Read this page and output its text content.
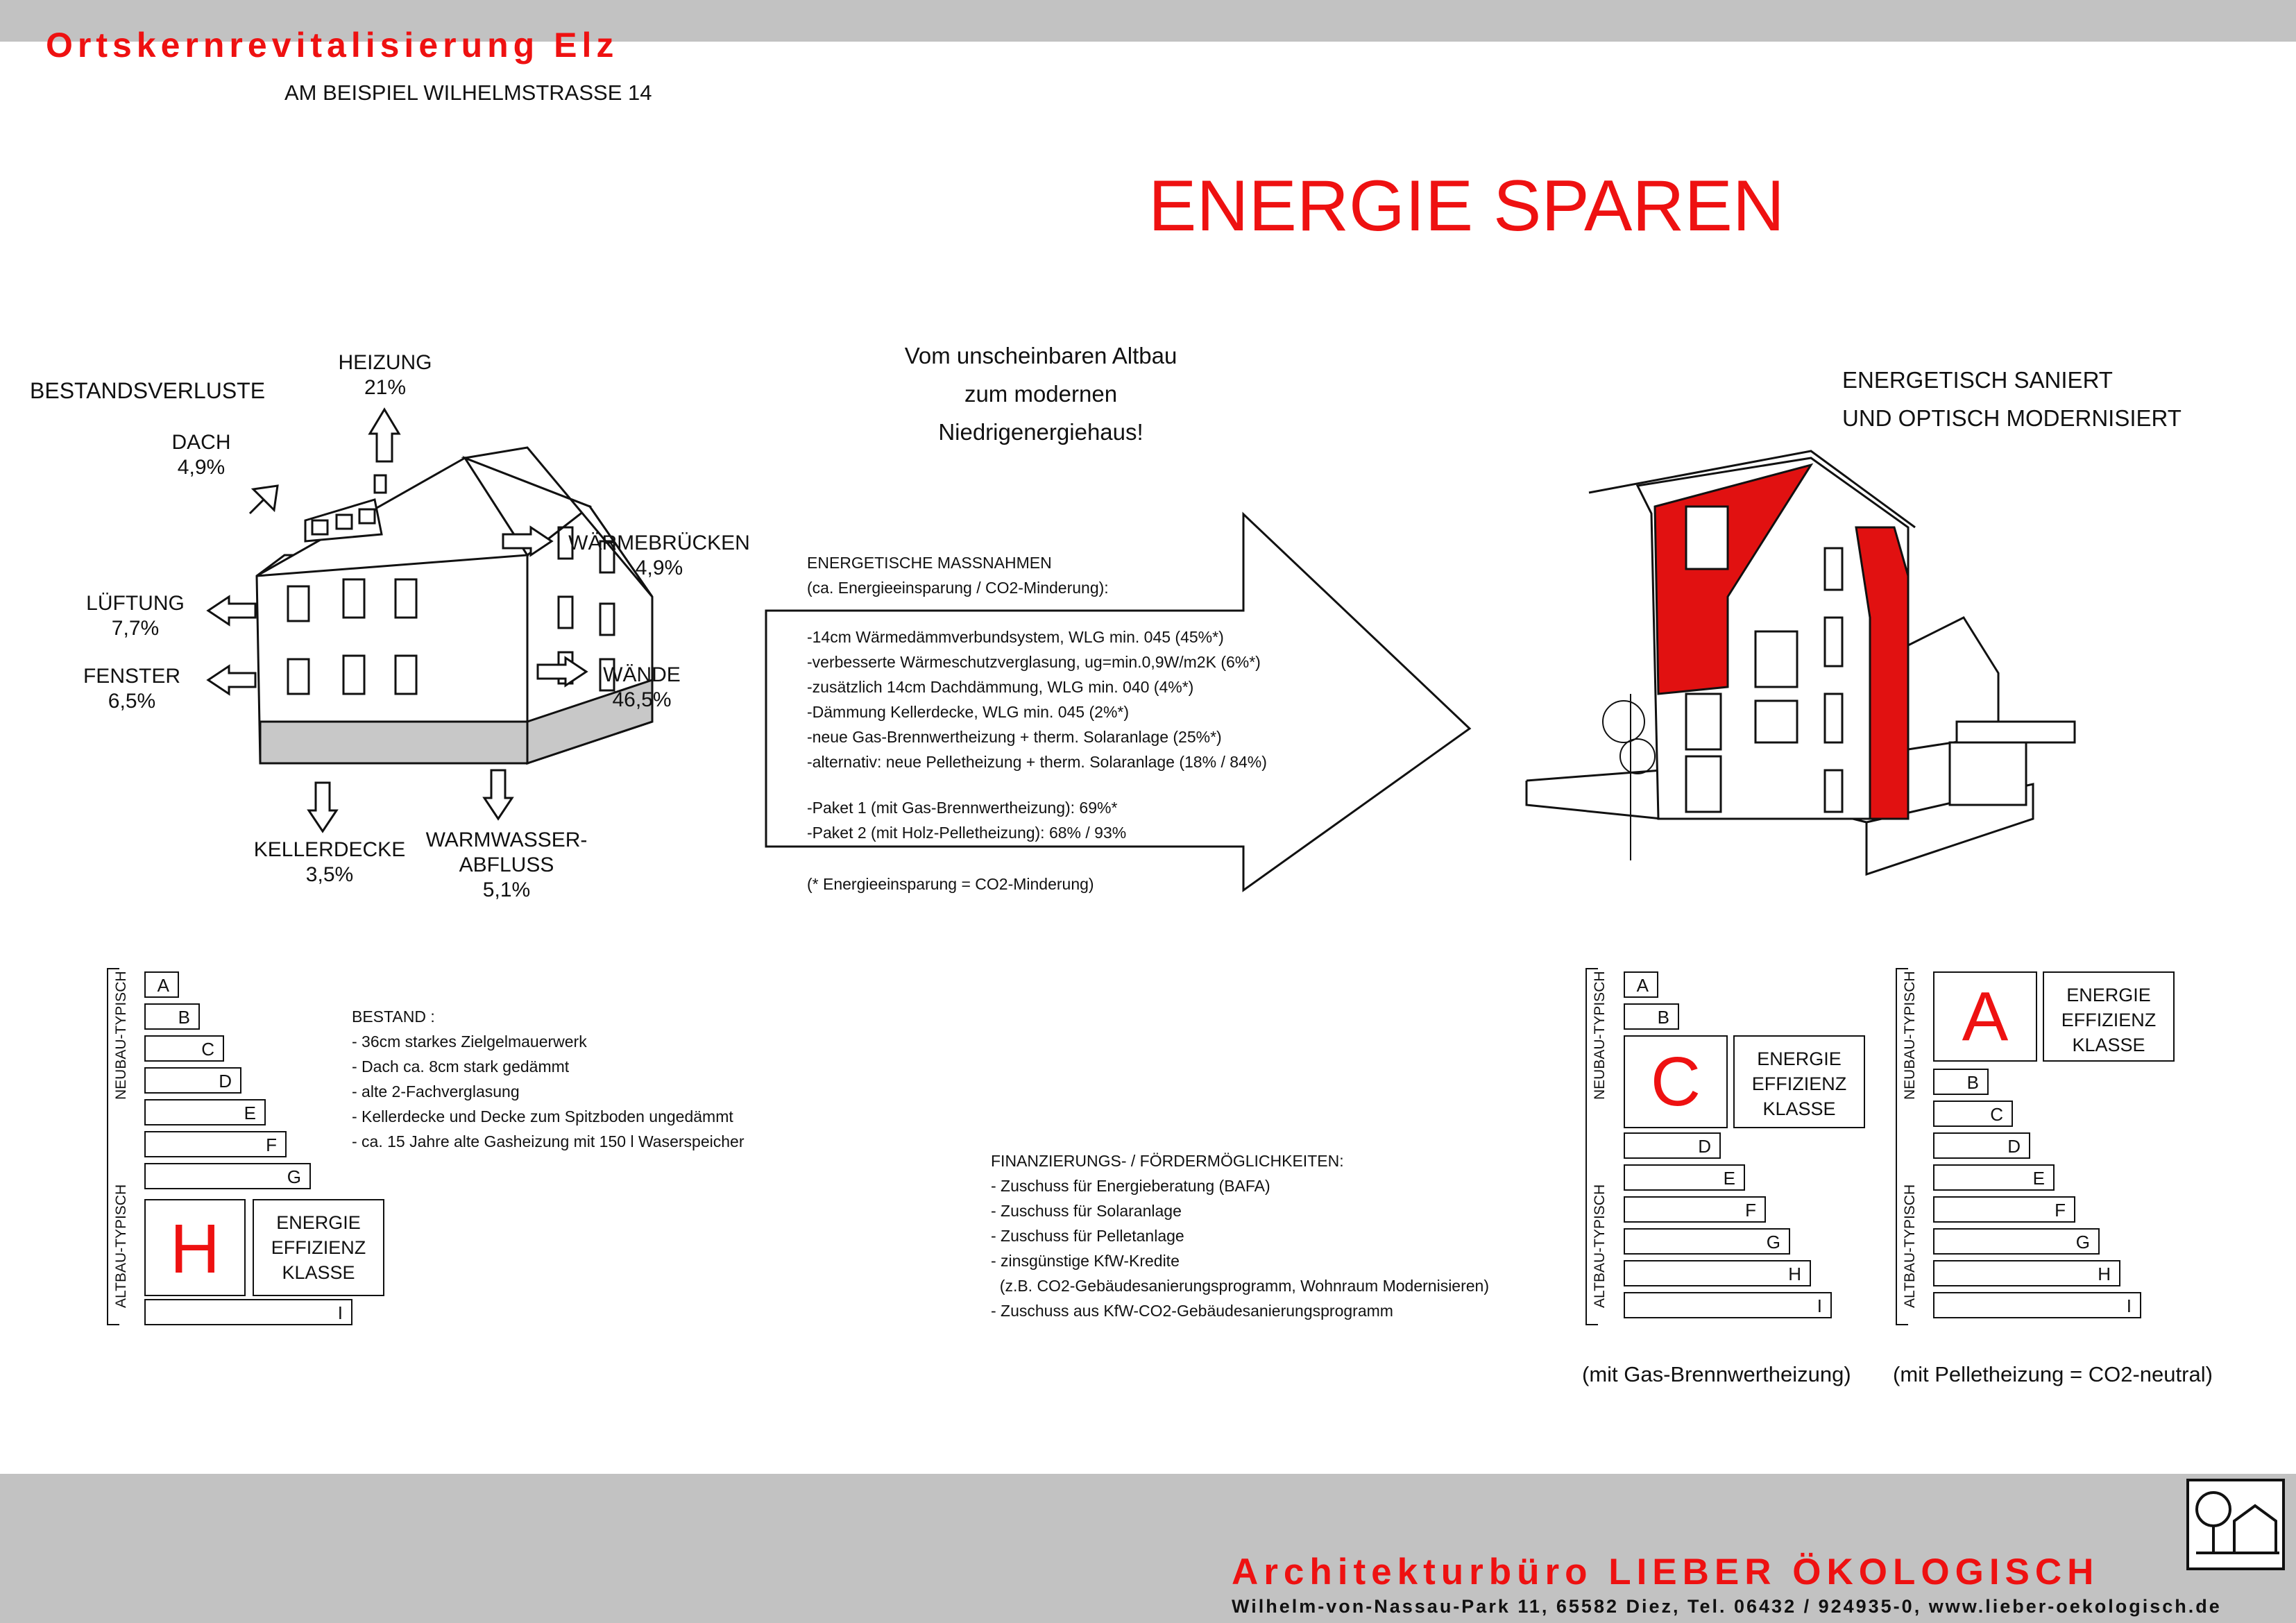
Ortskernrevitalisierung Elz
AM BEISPIEL WILHELMSTRASSE 14
ENERGIE SPAREN
BESTANDSVERLUSTE
HEIZUNG
21%
DACH
4,9%
WÄRMEBRÜCKEN
4,9%
LÜFTUNG
7,7%
FENSTER
6,5%
WÄNDE
46,5%
KELLERDECKE
3,5%
WARMWASSER-
ABFLUSS
5,1%
Vom unscheinbaren Altbau
zum modernen
Niedrigenergiehaus!
ENERGETISCHE MASSNAHMEN
(ca. Energieeinsparung / CO2-Minderung):
-14cm Wärmedämmverbundsystem, WLG min. 045 (45%*)
-verbesserte Wärmeschutzverglasung, ug=min.0,9W/m2K (6%*)
-zusätzlich 14cm Dachdämmung, WLG min. 040 (4%*)
-Dämmung Kellerdecke, WLG min. 045 (2%*)
-neue Gas-Brennwertheizung + therm. Solaranlage (25%*)
-alternativ: neue Pelletheizung + therm. Solaranlage (18% / 84%)
-Paket 1 (mit Gas-Brennwertheizung): 69%*
-Paket 2 (mit Holz-Pelletheizung): 68% / 93%
(* Energieeinsparung = CO2-Minderung)
ENERGETISCH SANIERT
UND OPTISCH MODERNISIERT
BESTAND :
- 36cm starkes Zielgelmauerwerk
- Dach ca. 8cm stark gedämmt
- alte 2-Fachverglasung
- Kellerdecke und Decke zum Spitzboden ungedämmt
- ca. 15 Jahre alte Gasheizung mit 150 l Waserspeicher
FINANZIERUNGS- / FÖRDERMÖGLICHKEITEN:
- Zuschuss für Energieberatung (BAFA)
- Zuschuss für Solaranlage
- Zuschuss für Pelletanlage
- zinsgünstige KfW-Kredite
(z.B. CO2-Gebäudesanierungsprogramm, Wohnraum Modernisieren)
- Zuschuss aus KfW-CO2-Gebäudesanierungsprogramm
NEUBAU-TYPISCH
ALTBAU-TYPISCH
A
B
C
D
E
F
G
H	ENERGIE
EFFIZIENZ
KLASSE
I
NEUBAU-TYPISCH
ALTBAU-TYPISCH
A
B
C	ENERGIE
EFFIZIENZ
KLASSE
D
E
F
G
H
I
(mit Gas-Brennwertheizung)
NEUBAU-TYPISCH
ALTBAU-TYPISCH
A	ENERGIE
EFFIZIENZ
KLASSE
B
C
D
E
F
G
H
I
(mit Pelletheizung = CO2-neutral)
Architekturbüro LIEBER ÖKOLOGISCH
Wilhelm-von-Nassau-Park 11, 65582 Diez, Tel. 06432 / 924935-0, www.lieber-oekologisch.de
